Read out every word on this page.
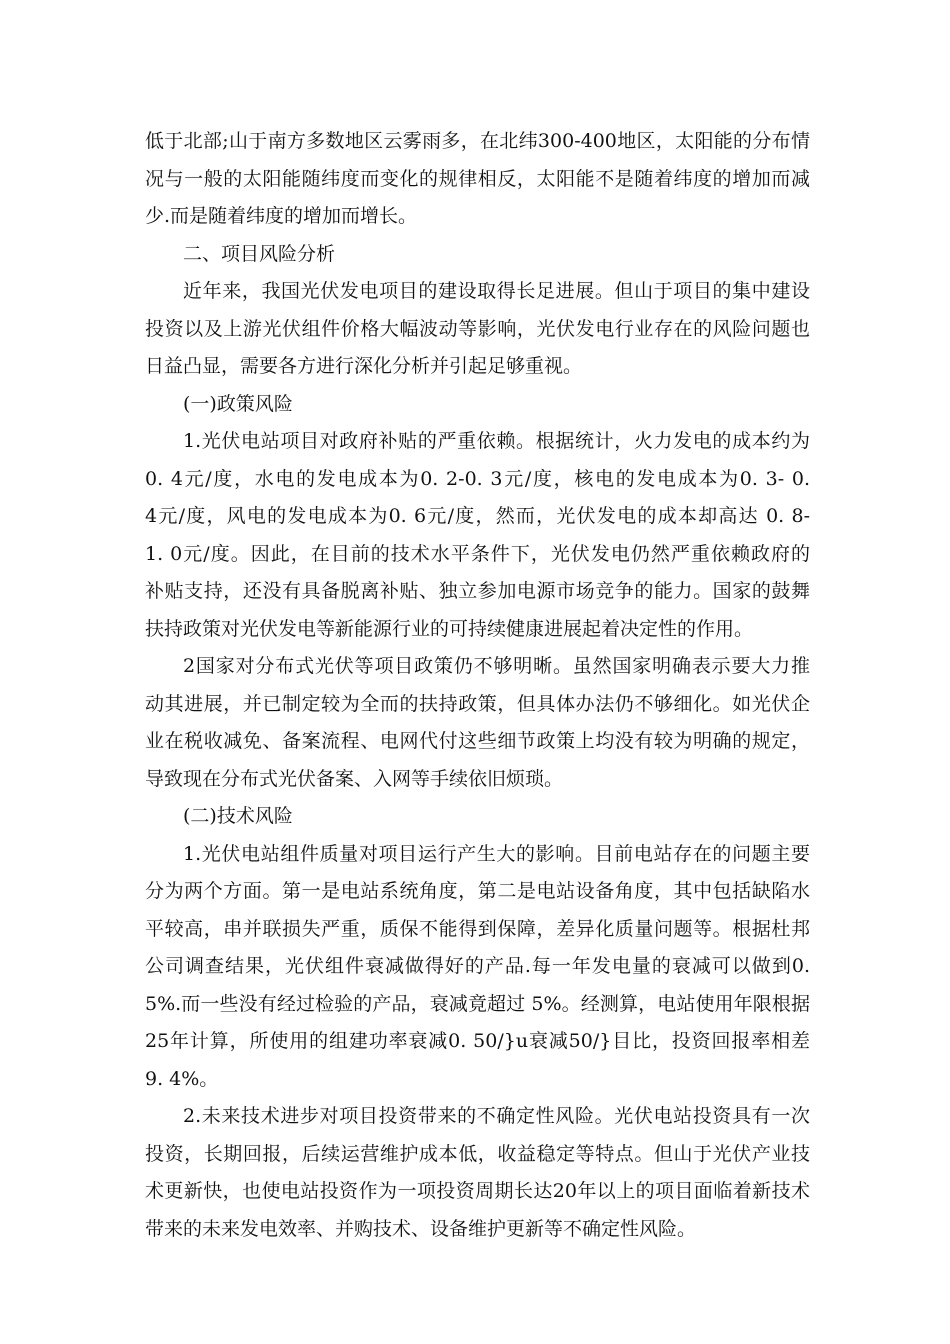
低于北部;山于南方多数地区云雾雨多，在北纬300-400地区，太阳能的分布情
况与一般的太阳能随纬度而变化的规律相反，太阳能不是随着纬度的增加而减
少.而是随着纬度的增加而增长。
二、项目风险分析
近年来，我国光伏发电项目的建设取得长足进展。但山于项目的集中建设
投资以及上游光伏组件价格大幅波动等影响，光伏发电行业存在的风险问题也
日益凸显，需要各方进行深化分析并引起足够重视。
(一)政策风险
1.光伏电站项目对政府补贴的严重依赖。根据统计，火力发电的成本约为
0. 4元/度，水电的发电成本为0. 2-0. 3元/度，核电的发电成本为0. 3- 0.
4元/度，风电的发电成本为0. 6元/度，然而，光伏发电的成本却高达 0. 8-
1. 0元/度。因此，在目前的技术水平条件下，光伏发电仍然严重依赖政府的
补贴支持，还没有具备脱离补贴、独立参加电源市场竞争的能力。国家的鼓舞
扶持政策对光伏发电等新能源行业的可持续健康进展起着决定性的作用。
2国家对分布式光伏等项目政策仍不够明晰。虽然国家明确表示要大力推
动其进展，并已制定较为全而的扶持政策，但具体办法仍不够细化。如光伏企
业在税收减免、备案流程、电网代付这些细节政策上均没有较为明确的规定，
导致现在分布式光伏备案、入网等手续依旧烦琐。
(二)技术风险
1.光伏电站组件质量对项目运行产生大的影响。目前电站存在的问题主要
分为两个方面。第一是电站系统角度，第二是电站设备角度，其中包括缺陷水
平较高，串并联损失严重，质保不能得到保障，差异化质量问题等。根据杜邦
公司调查结果，光伏组件衰减做得好的产品.每一年发电量的衰减可以做到0.
5%.而一些没有经过检验的产品，衰减竟超过 5%。经测算，电站使用年限根据
25年计算，所使用的组建功率衰减0. 50/}u衰减50/}目比，投资回报率相差
9. 4%。
2.未来技术进步对项目投资带来的不确定性风险。光伏电站投资具有一次
投资，长期回报，后续运营维护成本低，收益稳定等特点。但山于光伏产业技
术更新快，也使电站投资作为一项投资周期长达20年以上的项目面临着新技术
带来的未来发电效率、并购技术、设备维护更新等不确定性风险。
